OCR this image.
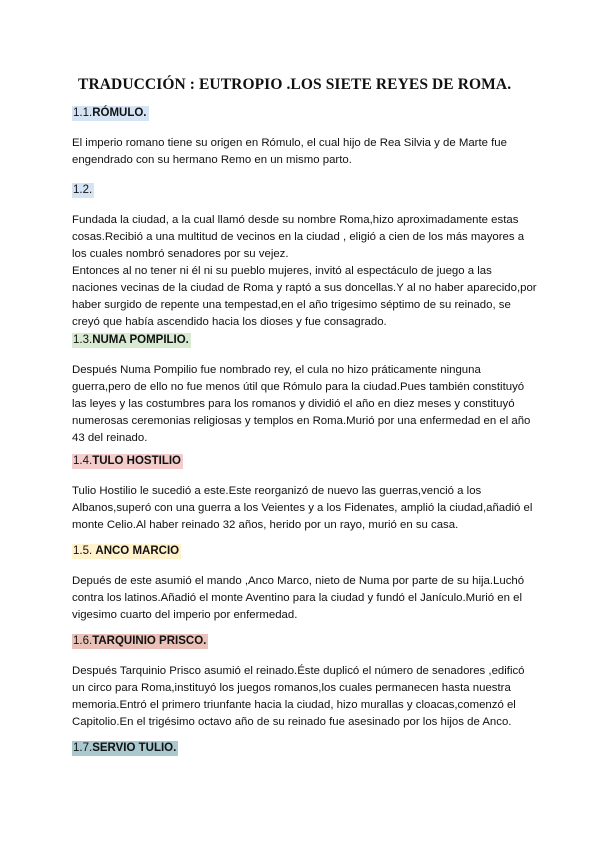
TRADUCCIÓN : EUTROPIO .LOS SIETE REYES DE ROMA.
1.1.RÓMULO.
El imperio romano tiene su origen en Rómulo, el cual hijo de Rea Silvia y de Marte fue
engendrado con su hermano Remo en un mismo parto.
1.2.
Fundada la ciudad, a la cual llamó desde su nombre Roma,hizo aproximadamente estas
cosas.Recibió a una multitud de vecinos en la ciudad , eligió a cien de los más mayores a
los cuales nombró senadores por su vejez.
Entonces al no tener ni él ni su pueblo mujeres, invitó al espectáculo de juego a las
naciones vecinas de la ciudad de Roma y raptó a sus doncellas.Y al no haber aparecido,por
haber surgido de repente una tempestad,en el año trigesimo séptimo de su reinado, se
creyó que había ascendido hacia los dioses y fue consagrado.
1.3.NUMA POMPILIO.
Después Numa Pompilio fue nombrado rey, el cula no hizo práticamente ninguna
guerra,pero de ello no fue menos útil que Rómulo para la ciudad.Pues también constituyó
las leyes y las costumbres para los romanos y dividió el año en diez meses y constituyó
numerosas ceremonias religiosas y templos en Roma.Murió por una enfermedad en el año
43 del reinado.
1.4.TULO HOSTILIO
Tulio Hostilio le sucedió a este.Este reorganizó de nuevo las guerras,venció a los
Albanos,superó con una guerra a los Veientes y a los Fidenates, amplió la ciudad,añadió el
monte Celio.Al haber reinado 32 años, herido por un rayo, murió en su casa.
1.5. ANCO MARCIO
Depués de este asumió el mando ,Anco Marco, nieto de Numa por parte de su hija.Luchó
contra los latinos.Añadió el monte Aventino para la ciudad y fundó el Janículo.Murió en el
vigesimo cuarto del imperio por enfermedad.
1.6.TARQUINIO PRISCO.
Después Tarquinio Prisco asumió el reinado.Éste duplicó el número de senadores ,edificó
un circo para Roma,instituyó los juegos romanos,los cuales permanecen hasta nuestra
memoria.Entró el primero triunfante hacia la ciudad, hizo murallas y cloacas,comenzó el
Capitolio.En el trigésimo octavo año de su reinado fue asesinado por los hijos de Anco.
1.7.SERVIO TULIO.
